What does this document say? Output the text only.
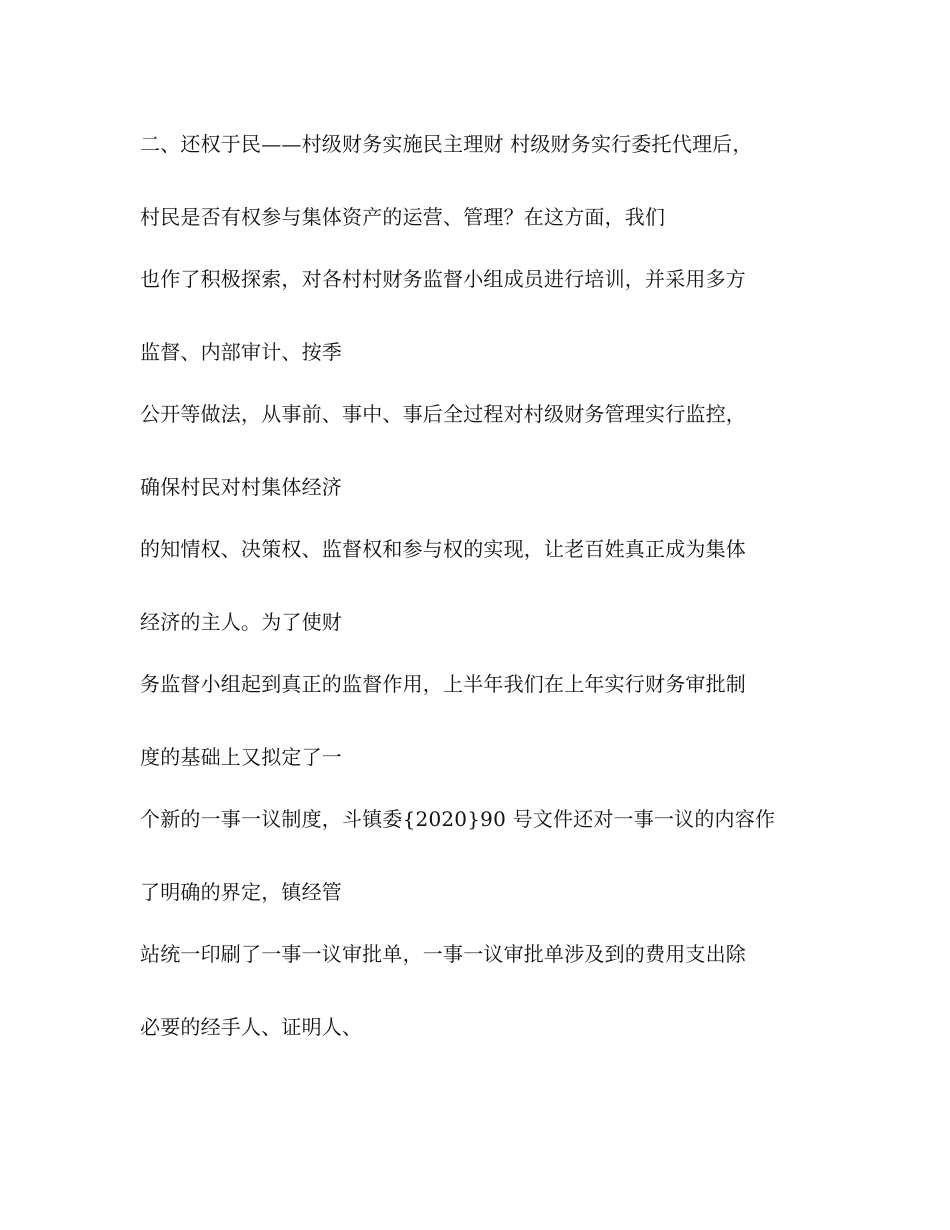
二、还权于民——村级财务实施民主理财 村级财务实行委托代理后，
村民是否有权参与集体资产的运营、管理？在这方面，我们
也作了积极探索，对各村村财务监督小组成员进行培训，并采用多方
监督、内部审计、按季
公开等做法，从事前、事中、事后全过程对村级财务管理实行监控，
确保村民对村集体经济
的知情权、决策权、监督权和参与权的实现，让老百姓真正成为集体
经济的主人。为了使财
务监督小组起到真正的监督作用，上半年我们在上年实行财务审批制
度的基础上又拟定了一
个新的一事一议制度，斗镇委{2020}90 号文件还对一事一议的内容作
了明确的界定，镇经管
站统一印刷了一事一议审批单，一事一议审批单涉及到的费用支出除
必要的经手人、证明人、
